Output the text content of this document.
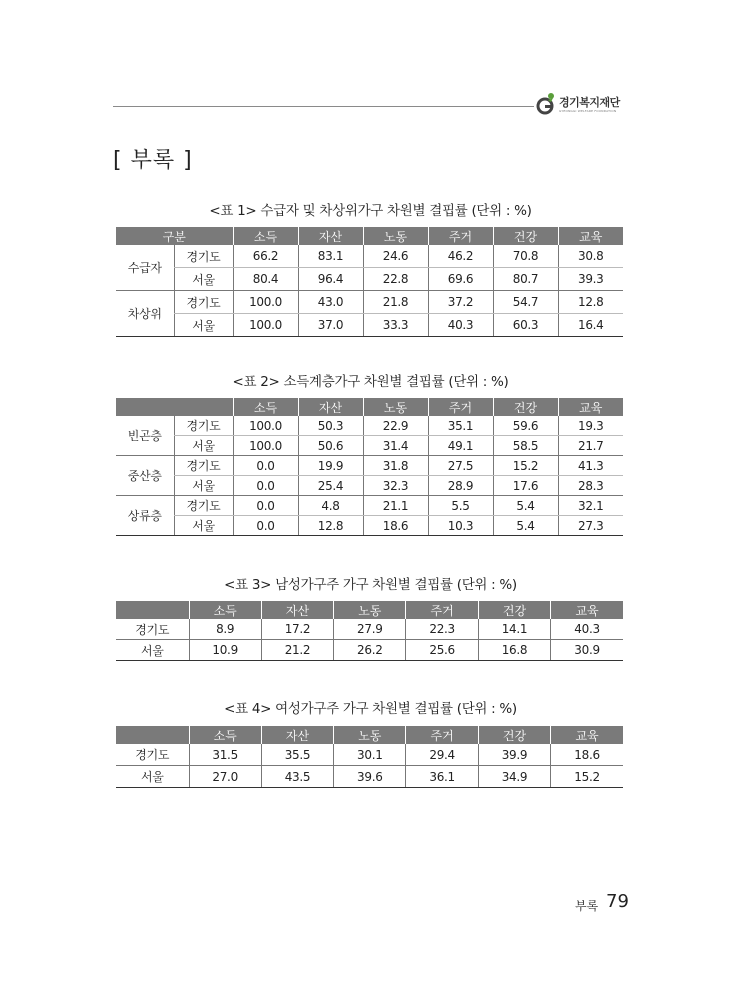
경기복지재단
GYEONGGI WELFARE FOUNDATION
[ 부록 ]
<표 1> 수급자 및 차상위가구 차원별 결핍률 (단위 : %)
구분		소득	자산	노동	주거	건강	교육
수급자	경기도	66.2	83.1	24.6	46.2	70.8	30.8
	서울	80.4	96.4	22.8	69.6	80.7	39.3
차상위	경기도	100.0	43.0	21.8	37.2	54.7	12.8
	서울	100.0	37.0	33.3	40.3	60.3	16.4
<표 2> 소득계층가구 차원별 결핍률 (단위 : %)
		소득	자산	노동	주거	건강	교육
빈곤층	경기도	100.0	50.3	22.9	35.1	59.6	19.3
	서울	100.0	50.6	31.4	49.1	58.5	21.7
중산층	경기도	0.0	19.9	31.8	27.5	15.2	41.3
	서울	0.0	25.4	32.3	28.9	17.6	28.3
상류층	경기도	0.0	4.8	21.1	5.5	5.4	32.1
	서울	0.0	12.8	18.6	10.3	5.4	27.3
<표 3> 남성가구주 가구 차원별 결핍률 (단위 : %)
	소득	자산	노동	주거	건강	교육
경기도	8.9	17.2	27.9	22.3	14.1	40.3
서울	10.9	21.2	26.2	25.6	16.8	30.9
<표 4> 여성가구주 가구 차원별 결핍률 (단위 : %)
	소득	자산	노동	주거	건강	교육
경기도	31.5	35.5	30.1	29.4	39.9	18.6
서울	27.0	43.5	39.6	36.1	34.9	15.2
부록 79
